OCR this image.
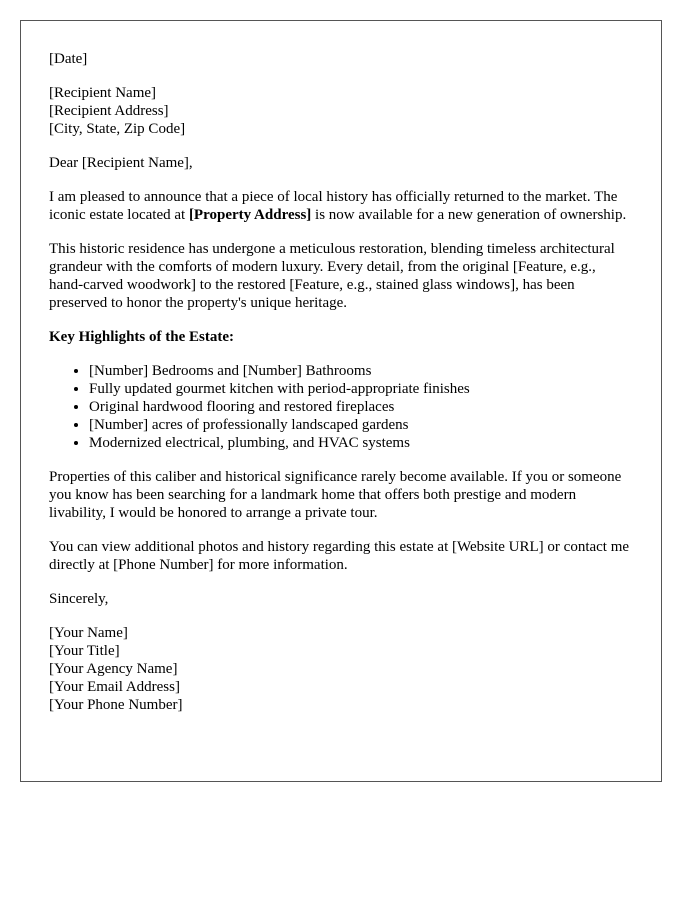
[Date]

[Recipient Name]
[Recipient Address]
[City, State, Zip Code]

Dear [Recipient Name],

I am pleased to announce that a piece of local history has officially returned to the market. The iconic estate located at [Property Address] is now available for a new generation of ownership.

This historic residence has undergone a meticulous restoration, blending timeless architectural grandeur with the comforts of modern luxury. Every detail, from the original [Feature, e.g., hand-carved woodwork] to the restored [Feature, e.g., stained glass windows], has been preserved to honor the property's unique heritage.

Key Highlights of the Estate:
• [Number] Bedrooms and [Number] Bathrooms
• Fully updated gourmet kitchen with period-appropriate finishes
• Original hardwood flooring and restored fireplaces
• [Number] acres of professionally landscaped gardens
• Modernized electrical, plumbing, and HVAC systems

Properties of this caliber and historical significance rarely become available. If you or someone you know has been searching for a landmark home that offers both prestige and modern livability, I would be honored to arrange a private tour.

You can view additional photos and history regarding this estate at [Website URL] or contact me directly at [Phone Number] for more information.

Sincerely,

[Your Name]
[Your Title]
[Your Agency Name]
[Your Email Address]
[Your Phone Number]
